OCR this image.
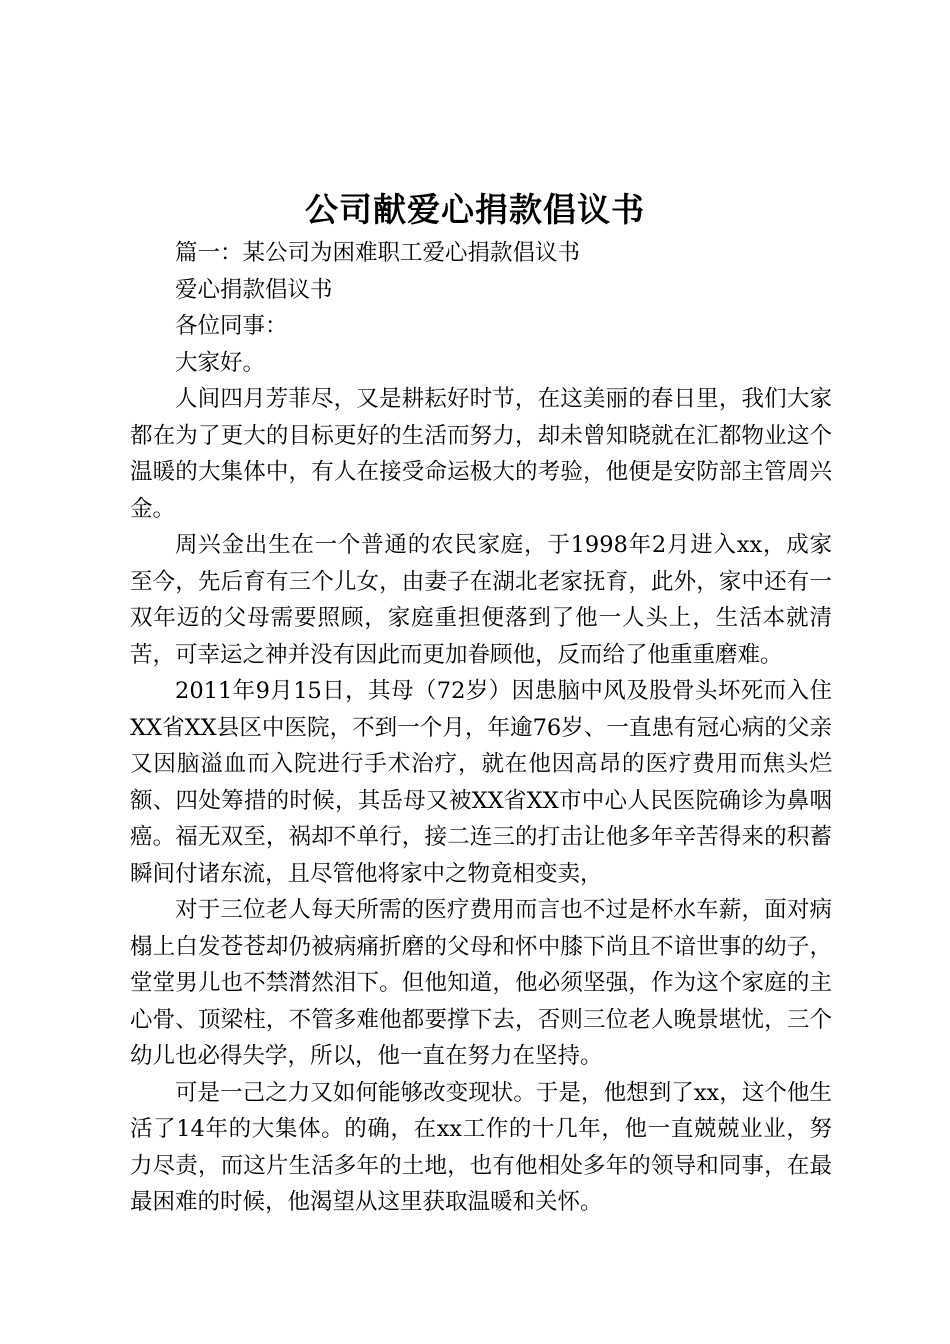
公司献爱心捐款倡议书

篇一：某公司为困难职工爱心捐款倡议书

爱心捐款倡议书

各位同事：

大家好。

人间四月芳菲尽，又是耕耘好时节，在这美丽的春日里，我们大家都在为了更大的目标更好的生活而努力，却未曾知晓就在汇都物业这个温暖的大集体中，有人在接受命运极大的考验，他便是安防部主管周兴金。

周兴金出生在一个普通的农民家庭，于1998年2月进入xx，成家至今，先后育有三个儿女，由妻子在湖北老家抚育，此外，家中还有一双年迈的父母需要照顾，家庭重担便落到了他一人头上，生活本就清苦，可幸运之神并没有因此而更加眷顾他，反而给了他重重磨难。

2011年9月15日，其母（72岁）因患脑中风及股骨头坏死而入住XX省XX县区中医院，不到一个月，年逾76岁、一直患有冠心病的父亲又因脑溢血而入院进行手术治疗，就在他因高昂的医疗费用而焦头烂额、四处筹措的时候，其岳母又被XX省XX市中心人民医院确诊为鼻咽癌。福无双至，祸却不单行，接二连三的打击让他多年辛苦得来的积蓄瞬间付诸东流，且尽管他将家中之物竟相变卖，

对于三位老人每天所需的医疗费用而言也不过是杯水车薪，面对病榻上白发苍苍却仍被病痛折磨的父母和怀中膝下尚且不谙世事的幼子，堂堂男儿也不禁潸然泪下。但他知道，他必须坚强，作为这个家庭的主心骨、顶梁柱，不管多难他都要撑下去，否则三位老人晚景堪忧，三个幼儿也必得失学，所以，他一直在努力在坚持。

可是一己之力又如何能够改变现状。于是，他想到了xx，这个他生活了14年的大集体。的确，在xx工作的十几年，他一直兢兢业业，努力尽责，而这片生活多年的土地，也有他相处多年的领导和同事，在最最困难的时候，他渴望从这里获取温暖和关怀。
